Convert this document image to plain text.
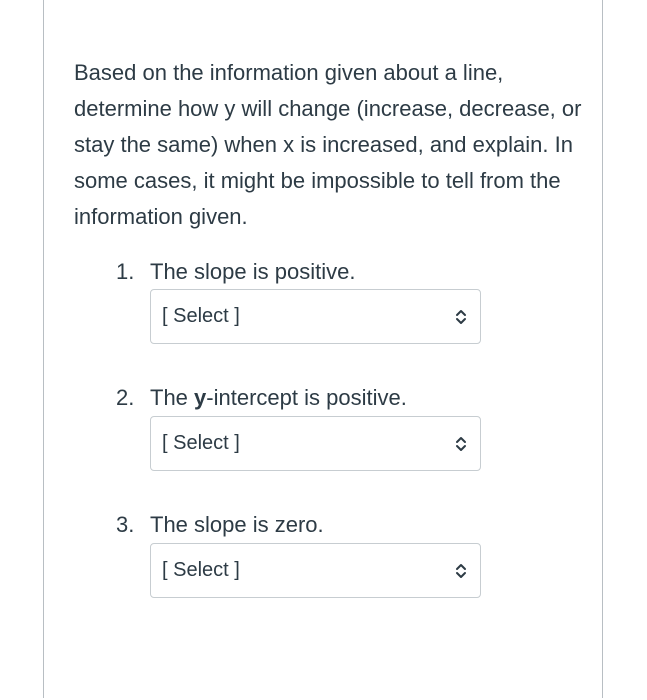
Based on the information given about a line, determine how y will change (increase, decrease, or stay the same) when x is increased, and explain. In some cases, it might be impossible to tell from the information given.

1. The slope is positive.

[ Select ]

2. The y-intercept is positive.

[ Select ]

3. The slope is zero.

[ Select ]
